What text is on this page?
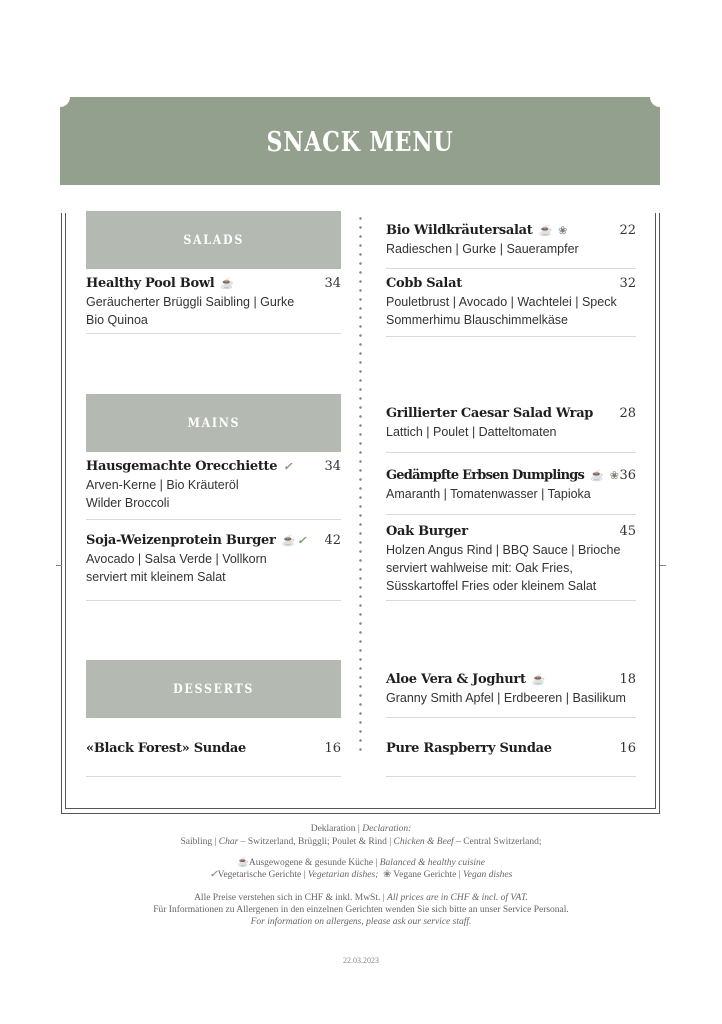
SNACK MENU
SALADS
MAINS
DESSERTS
Bio Wildkräutersalat ☕ ❀	22
Radieschen | Gurke | Sauerampfer
Healthy Pool Bowl ☕	34
Geräucherter Brüggli Saibling | Gurke
Bio Quinoa
Cobb Salat	32
Pouletbrust | Avocado | Wachtelei | Speck
Sommerhimu Blauschimmelkäse
Grillierter Caesar Salad Wrap 28
Lattich | Poulet | Datteltomaten
Hausgemachte Orecchiette ✓ 34
Arven-Kerne | Bio Kräuteröl
Wilder Broccoli
Gedämpfte Erbsen Dumplings ☕ ❀ 36
Amaranth | Tomatenwasser | Tapioka
Oak Burger	45
Holzen Angus Rind | BBQ Sauce | Brioche
serviert wahlweise mit: Oak Fries,
Süsskartoffel Fries oder kleinem Salat
Soja-Weizenprotein Burger ☕ ✓ 42
Avocado | Salsa Verde | Vollkorn
serviert mit kleinem Salat
Aloe Vera & Joghurt ☕	18
Granny Smith Apfel | Erdbeeren | Basilikum
«Black Forest» Sundae	16	Pure Raspberry Sundae	16
Deklaration | Declaration:
Saibling | Char – Switzerland, Brüggli; Poulet & Rind | Chicken & Beef – Central Switzerland;
☕Ausgewogene & gesunde Küche | Balanced & healthy cuisine
✓Vegetarische Gerichte | Vegetarian dishes; ❀ Vegane Gerichte | Vegan dishes
Alle Preise verstehen sich in CHF & inkl. MwSt. | All prices are in CHF & incl. of VAT.
Für Informationen zu Allergenen in den einzelnen Gerichten wenden Sie sich bitte an unser Service Personal.
For information on allergens, please ask our service staff.
22.03.2023
